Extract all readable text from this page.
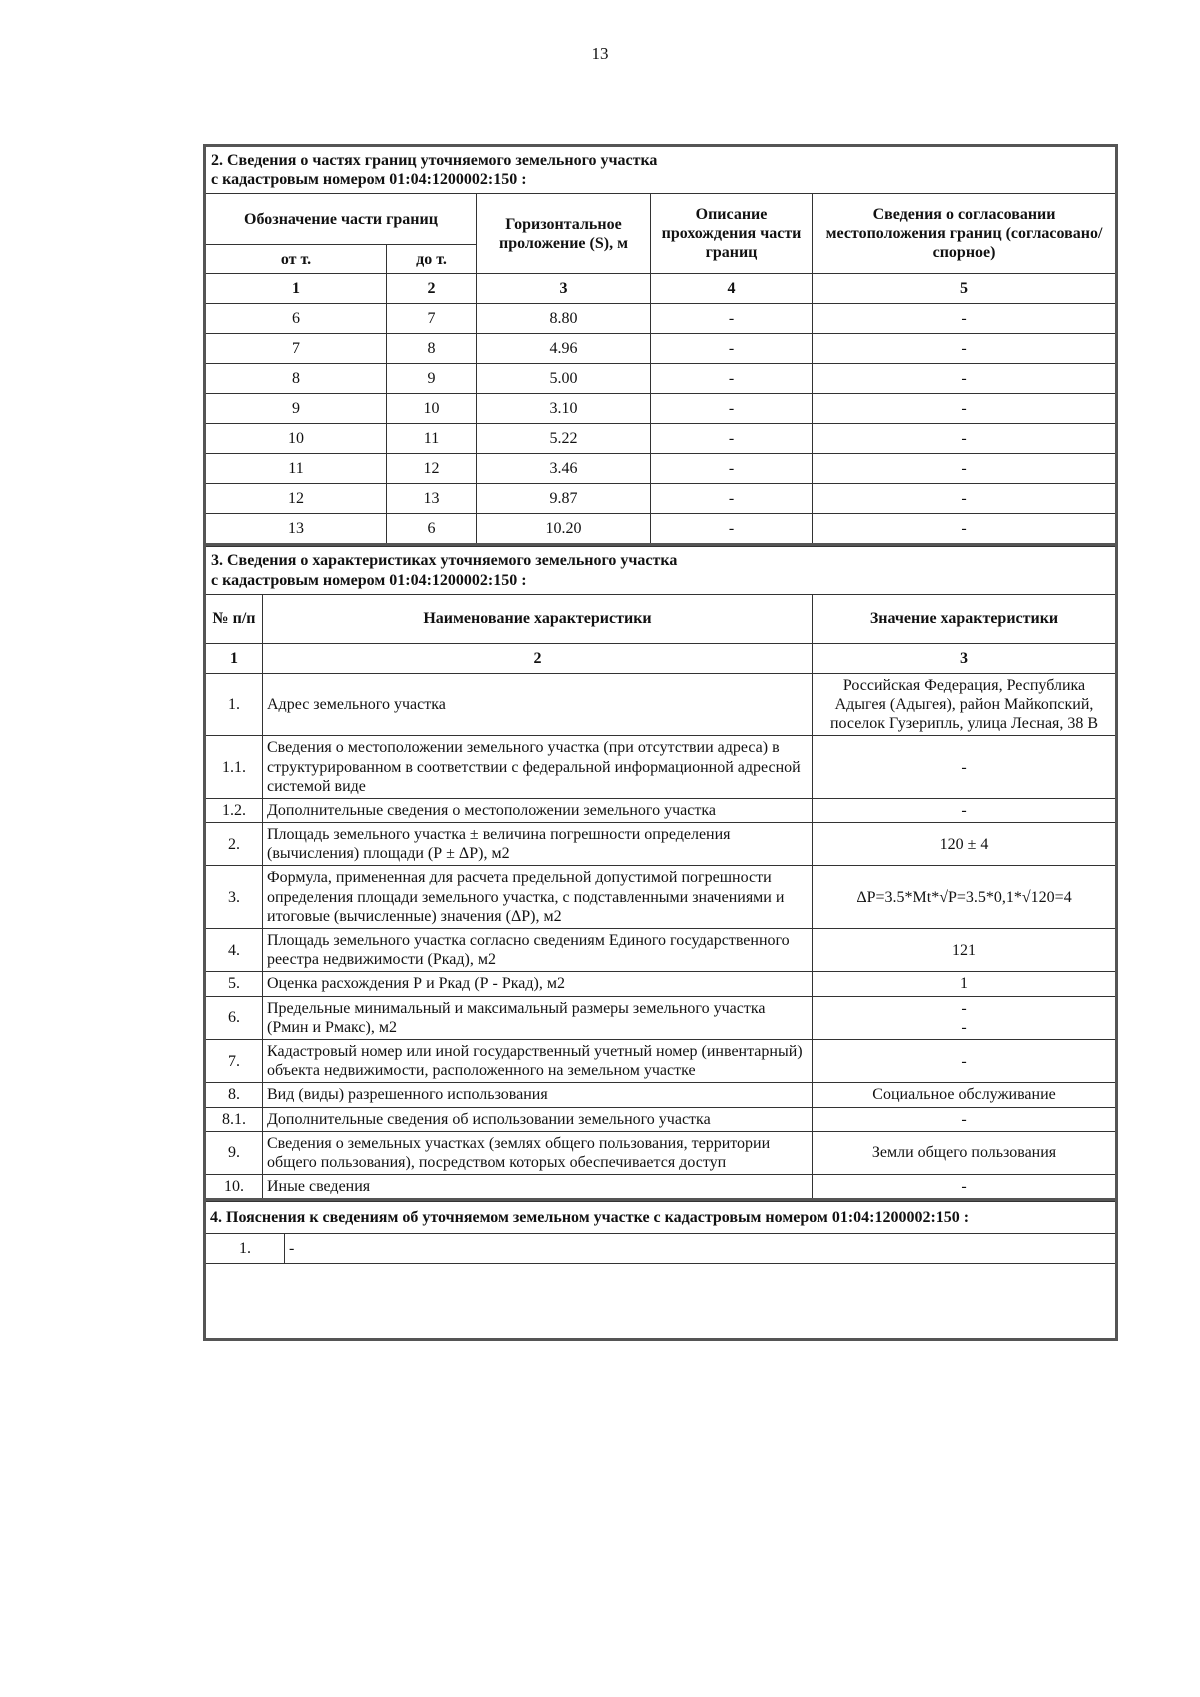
13
2. Сведения о частях границ уточняемого земельного участка
с кадастровым номером 01:04:1200002:150 :				

Обозначение части границ		Горизонтальное проложение (S), м	Описание прохождения части границ	Сведения о согласовании местоположения границ (согласовано/спорное)
от т.	до т.			
1	2	3	4	5
6	7	8.80	-	-
7	8	4.96	-	-
8	9	5.00	-	-
9	10	3.10	-	-
10	11	5.22	-	-
11	12	3.46	-	-
12	13	9.87	-	-
13	6	10.20	-	-
3. Сведения о характеристиках уточняемого земельного участка
с кадастровым номером 01:04:1200002:150 :		

№ п/п	Наименование характеристики	Значение характеристики
1	2	3
1.	Адрес земельного участка	Российская Федерация, Республика Адыгея (Адыгея), район Майкопский, поселок Гузерипль, улица Лесная, 38 В
1.1.	Сведения о местоположении земельного участка (при отсутствии адреса) в структурированном в соответствии с федеральной информационной адресной системой виде	-
1.2.	Дополнительные сведения о местоположении земельного участка	-
2.	Площадь земельного участка ± величина погрешности определения (вычисления) площади (Р ± ΔР), м2	120 ± 4
3.	Формула, примененная для расчета предельной допустимой погрешности определения площади земельного участка, с подставленными значениями и итоговые (вычисленные) значения (ΔР), м2	ΔP=3.5*Mt*√P=3.5*0,1*√120=4
4.	Площадь земельного участка согласно сведениям Единого государственного реестра недвижимости (Ркад), м2	121
5.	Оценка расхождения Р и Ркад (Р - Ркад), м2	1
6.	Предельные минимальный и максимальный размеры земельного участка (Рмин и Рмакс), м2	-
-
7.	Кадастровый номер или иной государственный учетный номер (инвентарный) объекта недвижимости, расположенного на земельном участке	-
8.	Вид (виды) разрешенного использования	Социальное обслуживание
8.1.	Дополнительные сведения об использовании земельного участка	-
9.	Сведения о земельных участках (землях общего пользования, территории общего пользования), посредством которых обеспечивается доступ	Земли общего пользования
10.	Иные сведения	-
4. Пояснения к сведениям об уточняемом земельном участке с кадастровым номером 01:04:1200002:150 :
1.	-
